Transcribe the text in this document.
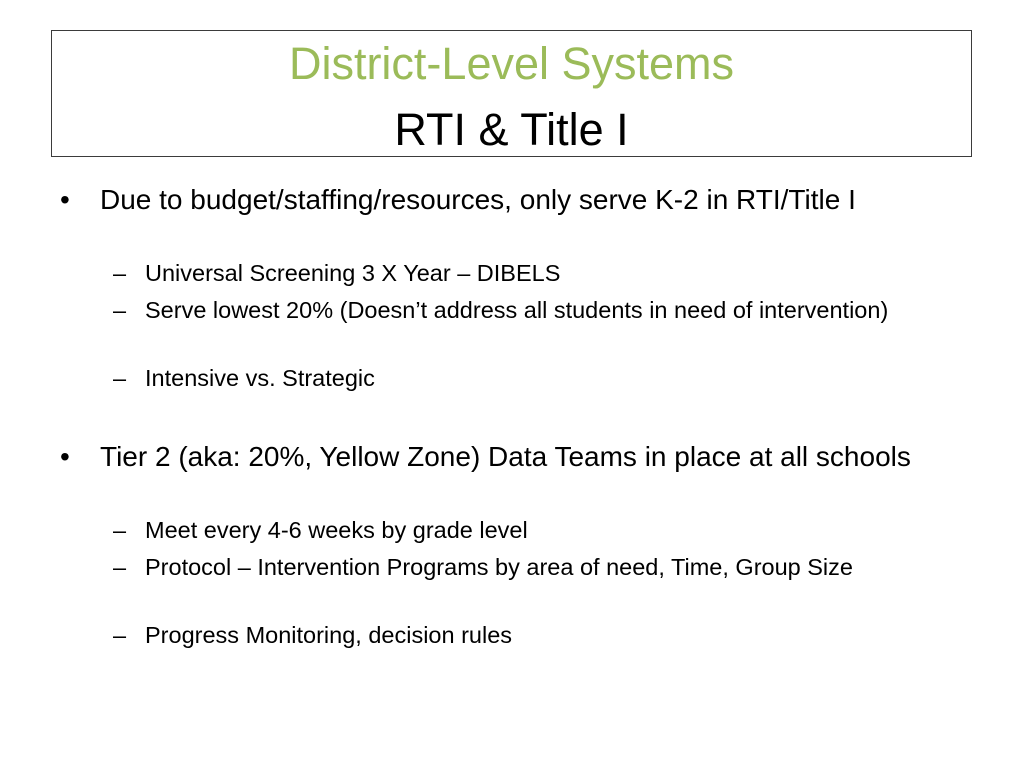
District-Level Systems
RTI & Title I
•	Due to budget/staffing/resources, only serve K-2 in RTI/Title I
– Universal Screening 3 X Year – DIBELS
– Serve lowest 20% (Doesn’t address all students in need of intervention)
– Intensive vs. Strategic
•	Tier 2 (aka: 20%, Yellow Zone) Data Teams in place at all schools
– Meet every 4-6 weeks by grade level
– Protocol – Intervention Programs by area of need, Time, Group Size
– Progress Monitoring, decision rules
